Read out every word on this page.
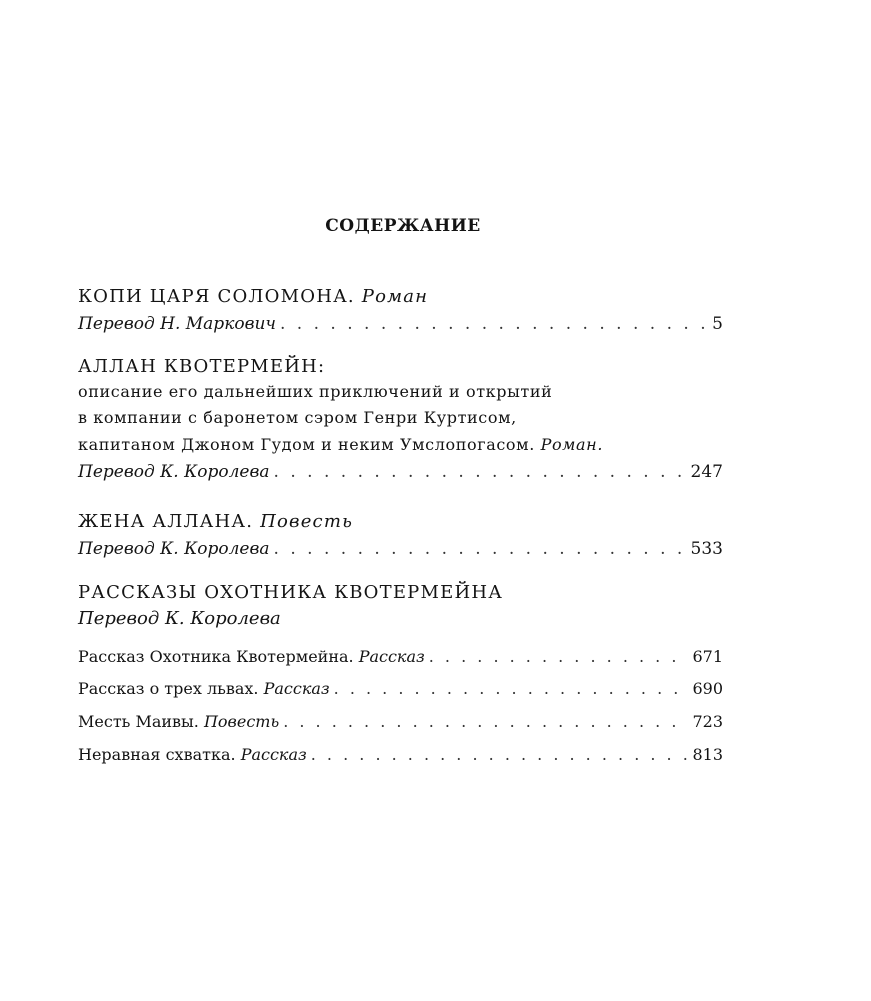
СОДЕРЖАНИЕ
КОПИ ЦАРЯ СОЛОМОНА. Роман
Перевод Н. Маркович . . .	5
АЛЛАН КВОТЕРМЕЙН:
описание его дальнейших приключений и открытий
в компании с баронетом сэром Генри Куртисом,
капитаном Джоном Гудом и неким Умслопогасом. Роман.
Перевод К. Королева . . .	247
ЖЕНА АЛЛАНА. Повесть
Перевод К. Королева . . .	533
РАССКАЗЫ ОХОТНИКА КВОТЕРМЕЙНА
Перевод К. Королева
Рассказ Охотника Квотермейна. Рассказ . . .	671
Рассказ о трех львах. Рассказ . . .	690
Месть Маивы. Повесть . . .	723
Неравная схватка. Рассказ . . .	813
